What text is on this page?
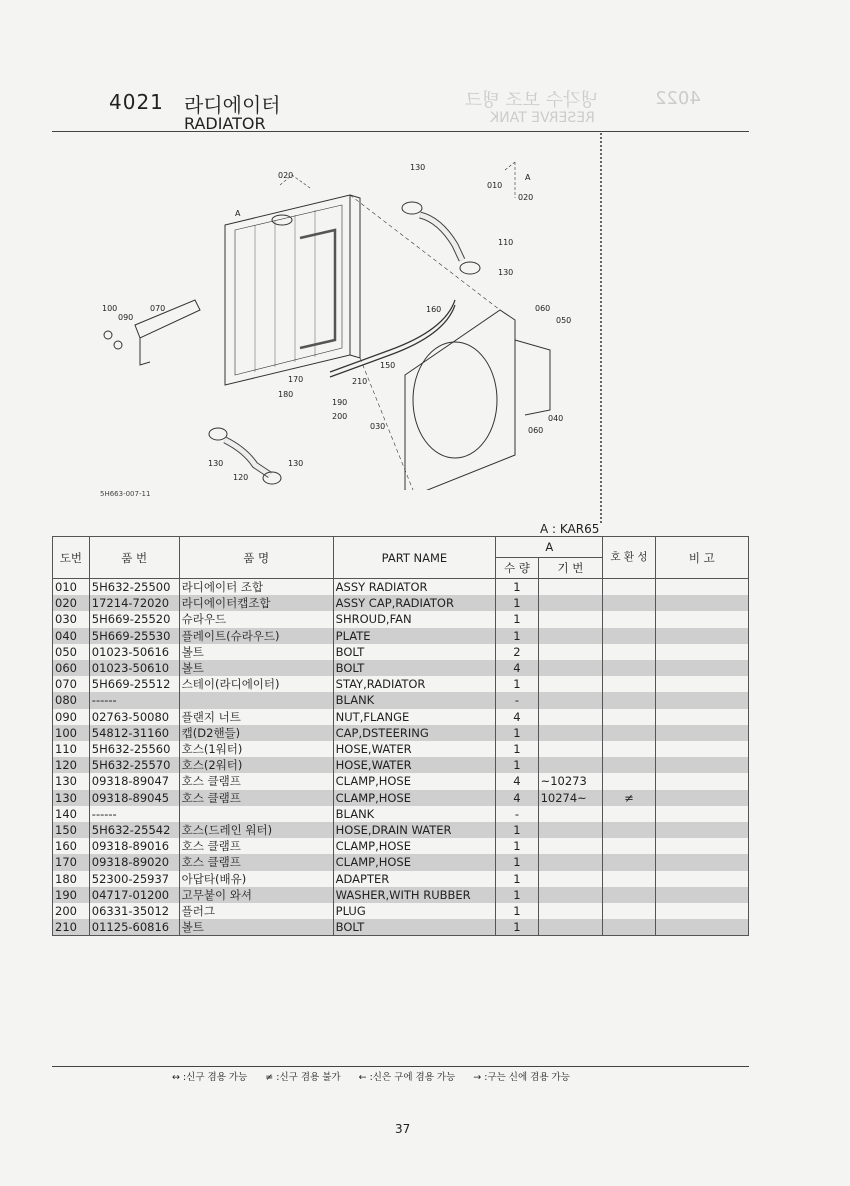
4022
냉각수 보조 탱크
RESERVE TANK
4021 라디에이터
RADIATOR
020
130
010
A
020
A
110
130
100
090
070	160	060
050
150
170	210
180
190
200
030
040
060
130
120
130
5H663-007-11
A : KAR65
도번	품 번	품 명	PART NAME	A		호 환 성	비 고
				수 량	기 번		
010	5H632-25500	라디에이터 조합	ASSY RADIATOR	1			
020	17214-72020	라디에이터캡조합	ASSY CAP,RADIATOR	1			
030	5H669-25520	슈라우드	SHROUD,FAN	1			
040	5H669-25530	플레이트(슈라우드)	PLATE	1			
050	01023-50616	볼트	BOLT	2			
060	01023-50610	볼트	BOLT	4			
070	5H669-25512	스테이(라디에이터)	STAY,RADIATOR	1			
080	------		BLANK	-			
090	02763-50080	플랜지 너트	NUT,FLANGE	4			
100	54812-31160	캡(D2핸들)	CAP,DSTEERING	1			
110	5H632-25560	호스(1워터)	HOSE,WATER	1			
120	5H632-25570	호스(2워터)	HOSE,WATER	1			
130	09318-89047	호스 클램프	CLAMP,HOSE	4	~10273		
130	09318-89045	호스 클램프	CLAMP,HOSE	4	10274~	≠	
140	------		BLANK	-			
150	5H632-25542	호스(드레인 워터)	HOSE,DRAIN WATER	1			
160	09318-89016	호스 클램프	CLAMP,HOSE	1			
170	09318-89020	호스 클램프	CLAMP,HOSE	1			
180	52300-25937	아답타(배유)	ADAPTER	1			
190	04717-01200	고무붙이 와셔	WASHER,WITH RUBBER	1			
200	06331-35012	플러그	PLUG	1			
210	01125-60816	볼트	BOLT	1			
↔ :신구 겸용 가능 ≠ :신구 겸용 불가 ← :신은 구에 겸용 가능 → :구는 신에 겸용 가능
37
